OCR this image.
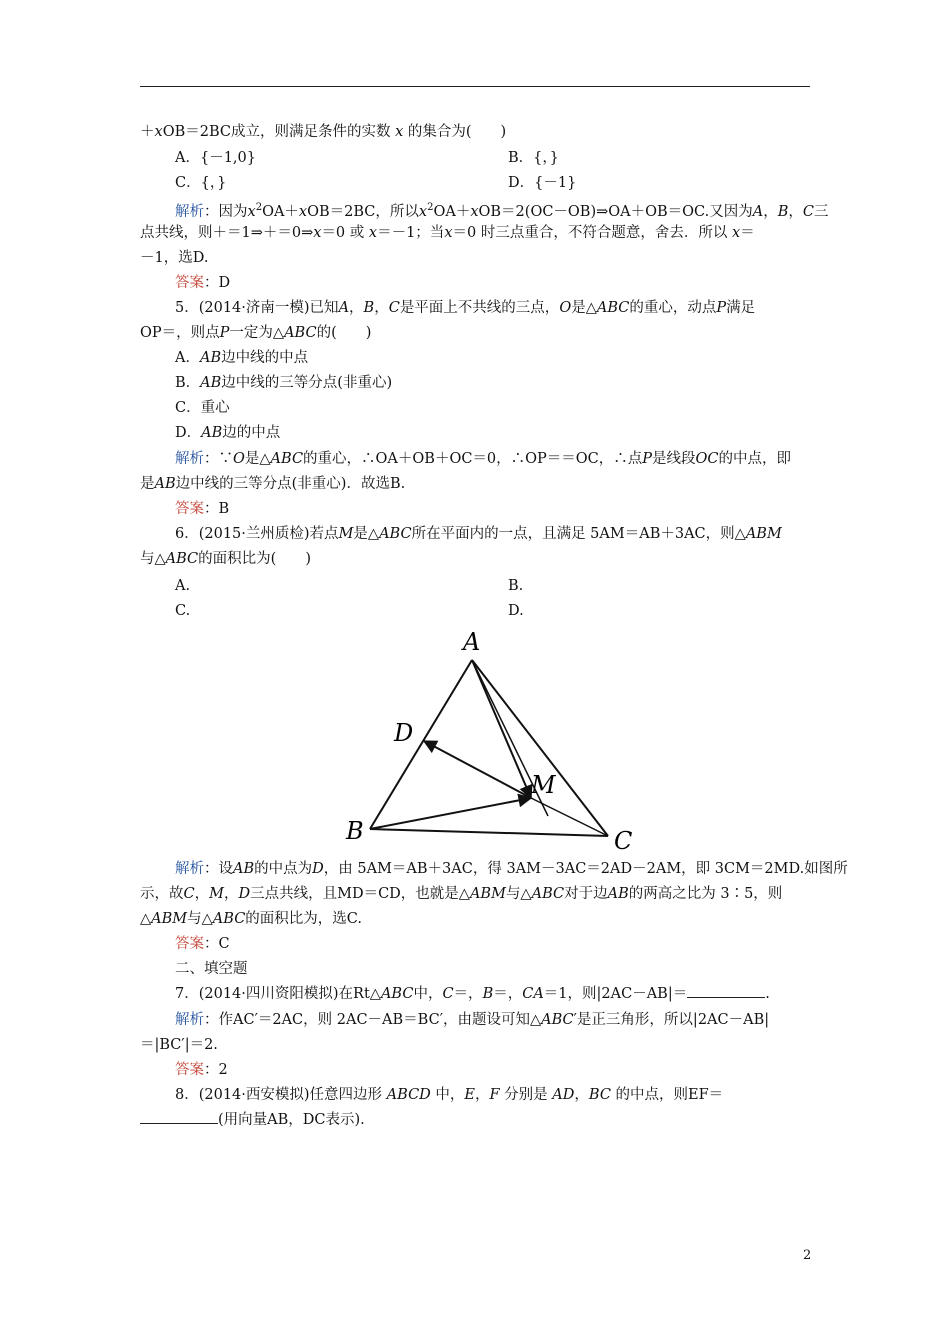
＋xOB＝2BC成立，则满足条件的实数 x 的集合为(　　)
A．{－1,0}	B．{，}
C．{，}	D．{－1}
解析：因为$x^2OA+xOB=2BC$，所以$x^2OA+xOB=2(OC-OB)\Rightarrow OA+OB=OC$.又因为A，B，C三
点共线，则＋＝1⇒＋＝0⇒x＝0 或 x＝－1；当x＝0 时三点重合，不符合题意，舍去．所以 x＝
－1，选D.
答案：D
5．(2014·济南一模)已知A，B，C是平面上不共线的三点，O是△ABC的重心，动点P满足
OP＝，则点P一定为△ABC的(　　)
A．AB边中线的中点
B．AB边中线的三等分点(非重心)
C．重心
D．AB边的中点
解析：∵O是△ABC的重心，∴OA＋OB＋OC＝0，∴OP＝＝OC，∴点P是线段OC的中点，即
是AB边中线的三等分点(非重心)．故选B.
答案：B
6．(2015·兰州质检)若点M是△ABC所在平面内的一点，且满足 5AM＝AB＋3AC，则△ABM
与△ABC的面积比为(　　)
A.	B.
C.	D.
A
D
M
B	C
解析：设AB的中点为D，由 5AM＝AB＋3AC，得 3AM－3AC＝2AD－2AM，即 3CM＝2MD.如图所
示，故C，M，D三点共线，且MD＝CD，也就是△ABM与△ABC对于边AB的两高之比为 3∶5，则
△ABM与△ABC的面积比为，选C.
答案：C
二、填空题
7．(2014·四川资阳模拟)在Rt△ABC中，C＝，B＝，CA＝1，则|2AC－AB|＝	.
解析：作AC′＝2AC，则 2AC－AB＝BC′，由题设可知△ABC′是正三角形，所以|2AC－AB|
＝|BC′|＝2.
答案：2
8．(2014·西安模拟)任意四边形 ABCD 中，E，F 分别是 AD，BC 的中点，则EF＝
(用向量AB，DC表示).
2
